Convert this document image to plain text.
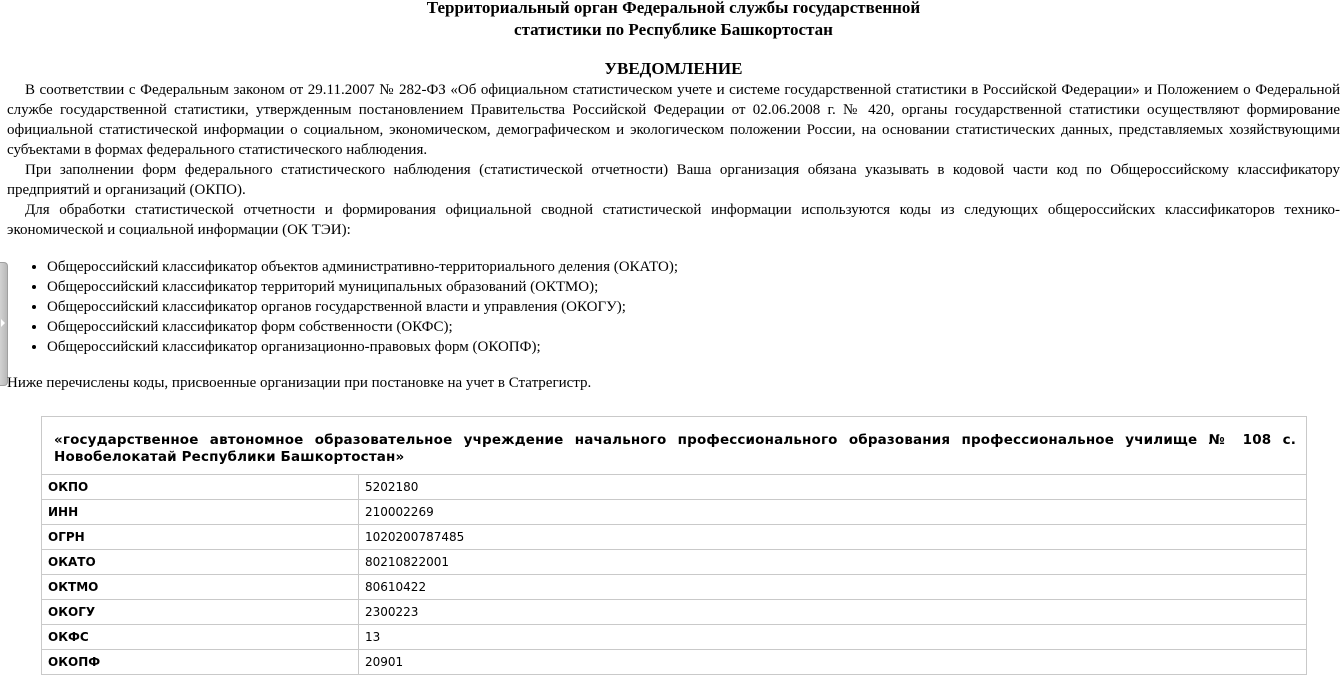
Территориальный орган Федеральной службы государственной
статистики по Республике Башкортостан
УВЕДОМЛЕНИЕ

В соответствии с Федеральным законом от 29.11.2007 № 282-ФЗ «Об официальном статистическом учете и системе государственной статистики в Российской Федерации» и Положением о Федеральной службе государственной статистики, утвержденным постановлением Правительства Российской Федерации от 02.06.2008 г. № 420, органы государственной статистики осуществляют формирование официальной статистической информации о социальном, экономическом, демографическом и экологическом положении России, на основании статистических данных, представляемых хозяйствующими субъектами в формах федерального статистического наблюдения.

При заполнении форм федерального статистического наблюдения (статистической отчетности) Ваша организация обязана указывать в кодовой части код по Общероссийскому классификатору предприятий и организаций (ОКПО).

Для обработки статистической отчетности и формирования официальной сводной статистической информации используются коды из следующих общероссийских классификаторов технико-экономической и социальной информации (ОК ТЭИ):

• Общероссийский классификатор объектов административно-территориального деления (ОКАТО);
• Общероссийский классификатор территорий муниципальных образований (ОКТМО);
• Общероссийский классификатор органов государственной власти и управления (ОКОГУ);
• Общероссийский классификатор форм собственности (ОКФС);
• Общероссийский классификатор организационно-правовых форм (ОКОПФ);

Ниже перечислены коды, присвоенные организации при постановке на учет в Статрегистр.

«государственное автономное образовательное учреждение начального профессионального образования профессиональное училище № 108 с. Новобелокатай Республики Башкортостан»	
ОКПО	5202180
ИНН	210002269
ОГРН	1020200787485
ОКАТО	80210822001
ОКТМО	80610422
ОКОГУ	2300223
ОКФС	13
ОКОПФ	20901
